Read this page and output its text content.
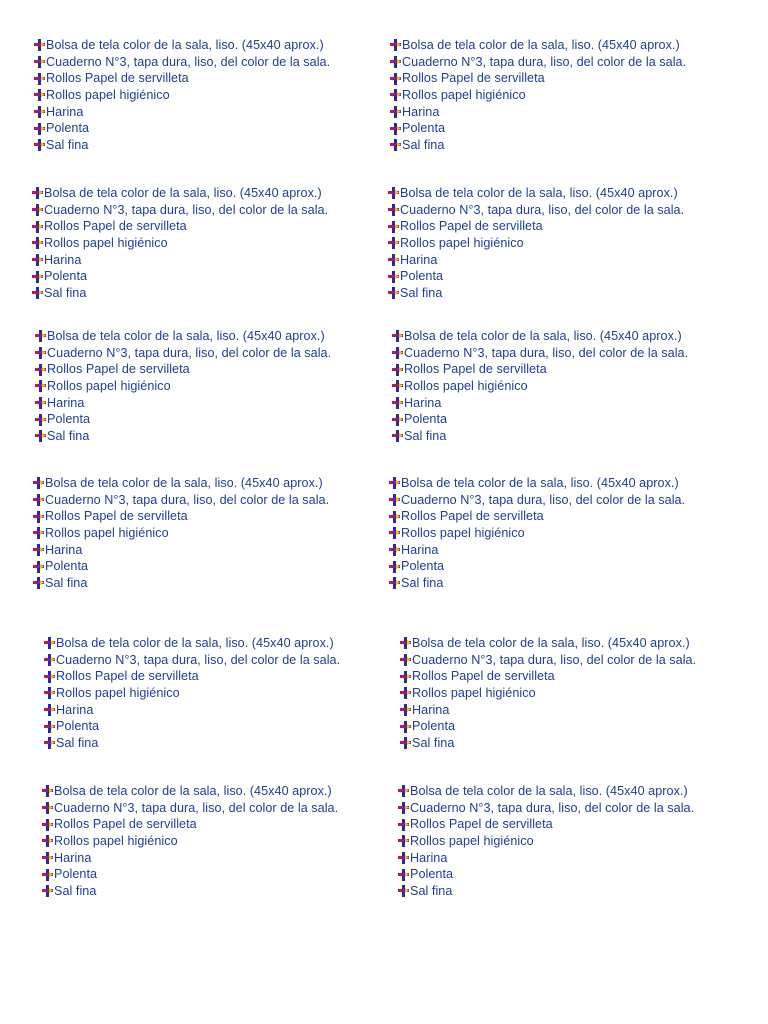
Bolsa de tela color de la sala, liso. (45x40 aprox.)
Cuaderno N°3, tapa dura, liso, del color de la sala.
Rollos Papel de servilleta
Rollos papel higiénico
Harina
Polenta
Sal fina
Bolsa de tela color de la sala, liso. (45x40 aprox.)
Cuaderno N°3, tapa dura, liso, del color de la sala.
Rollos Papel de servilleta
Rollos papel higiénico
Harina
Polenta
Sal fina
Bolsa de tela color de la sala, liso. (45x40 aprox.)
Cuaderno N°3, tapa dura, liso, del color de la sala.
Rollos Papel de servilleta
Rollos papel higiénico
Harina
Polenta
Sal fina
Bolsa de tela color de la sala, liso. (45x40 aprox.)
Cuaderno N°3, tapa dura, liso, del color de la sala.
Rollos Papel de servilleta
Rollos papel higiénico
Harina
Polenta
Sal fina
Bolsa de tela color de la sala, liso. (45x40 aprox.)
Cuaderno N°3, tapa dura, liso, del color de la sala.
Rollos Papel de servilleta
Rollos papel higiénico
Harina
Polenta
Sal fina
Bolsa de tela color de la sala, liso. (45x40 aprox.)
Cuaderno N°3, tapa dura, liso, del color de la sala.
Rollos Papel de servilleta
Rollos papel higiénico
Harina
Polenta
Sal fina
Bolsa de tela color de la sala, liso. (45x40 aprox.)
Cuaderno N°3, tapa dura, liso, del color de la sala.
Rollos Papel de servilleta
Rollos papel higiénico
Harina
Polenta
Sal fina
Bolsa de tela color de la sala, liso. (45x40 aprox.)
Cuaderno N°3, tapa dura, liso, del color de la sala.
Rollos Papel de servilleta
Rollos papel higiénico
Harina
Polenta
Sal fina
Bolsa de tela color de la sala, liso. (45x40 aprox.)
Cuaderno N°3, tapa dura, liso, del color de la sala.
Rollos Papel de servilleta
Rollos papel higiénico
Harina
Polenta
Sal fina
Bolsa de tela color de la sala, liso. (45x40 aprox.)
Cuaderno N°3, tapa dura, liso, del color de la sala.
Rollos Papel de servilleta
Rollos papel higiénico
Harina
Polenta
Sal fina
Bolsa de tela color de la sala, liso. (45x40 aprox.)
Cuaderno N°3, tapa dura, liso, del color de la sala.
Rollos Papel de servilleta
Rollos papel higiénico
Harina
Polenta
Sal fina
Bolsa de tela color de la sala, liso. (45x40 aprox.)
Cuaderno N°3, tapa dura, liso, del color de la sala.
Rollos Papel de servilleta
Rollos papel higiénico
Harina
Polenta
Sal fina
